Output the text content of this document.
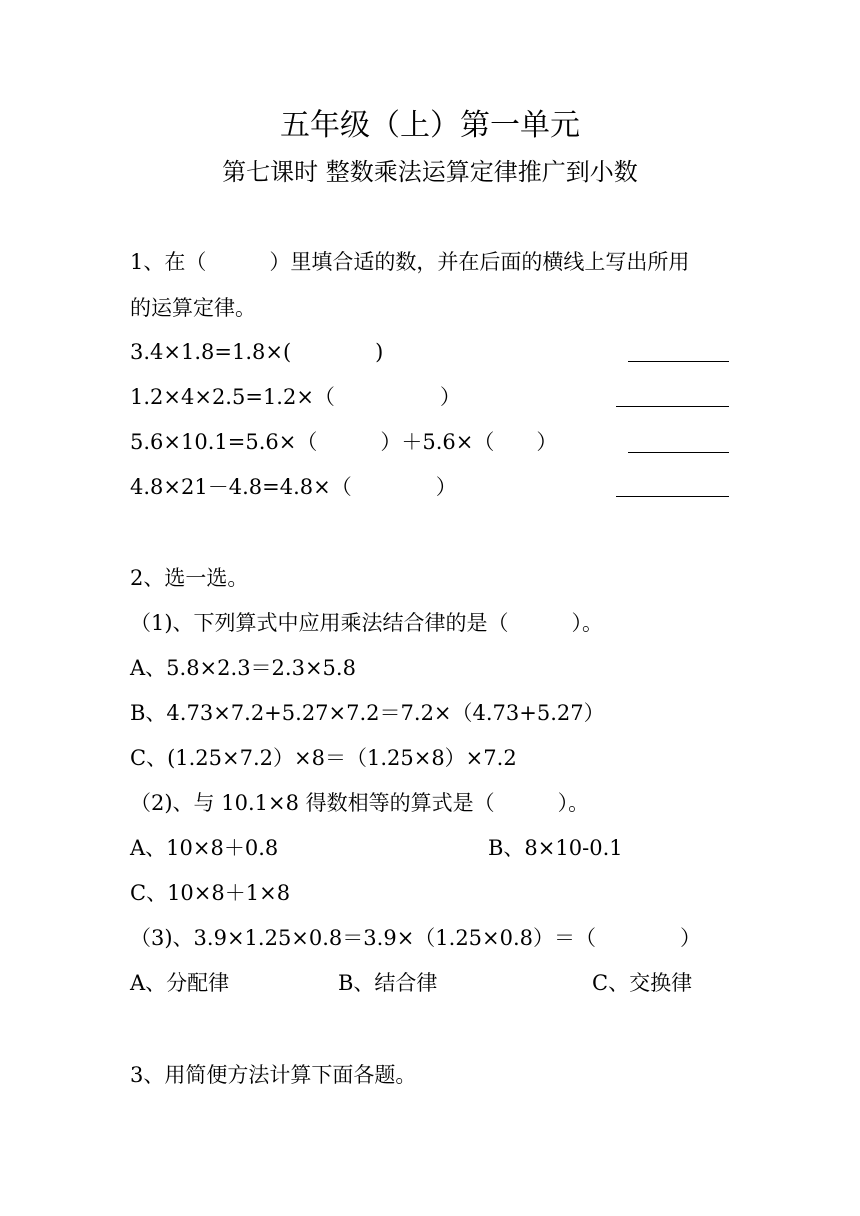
五年级（上）第一单元
第七课时 整数乘法运算定律推广到小数
1、在（　　　）里填合适的数，并在后面的横线上写出所用
的运算定律。
3.4×1.8=1.8×(　　　　)
1.2×4×2.5=1.2×（　　　　　）
5.6×10.1=5.6×（　　　）＋5.6×（　　）
4.8×21－4.8=4.8×（　　　　）
2、选一选。
（1)、下列算式中应用乘法结合律的是（　　　）。
A、5.8×2.3＝2.3×5.8
B、4.73×7.2+5.27×7.2＝7.2×（4.73+5.27）
C、(1.25×7.2）×8＝（1.25×8）×7.2
（2)、与 10.1×8 得数相等的算式是（　　　）。
A、10×8＋0.8	B、8×10-0.1
C、10×8＋1×8
（3)、3.9×1.25×0.8＝3.9×（1.25×0.8）＝（　　　　）
A、分配律	B、结合律	C、交换律
3、用简便方法计算下面各题。
